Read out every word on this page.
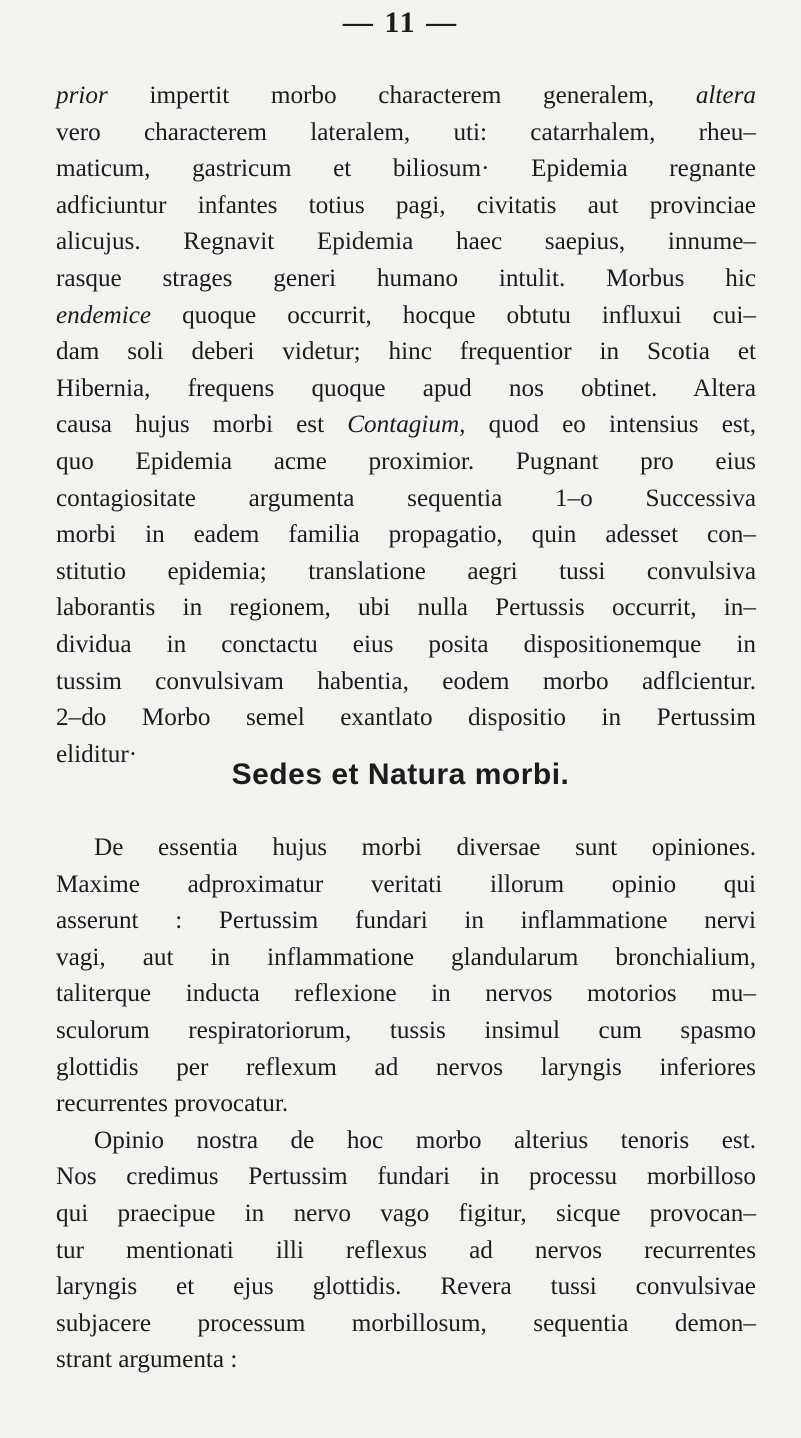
— 11 —
prior impertit morbo characterem generalem, altera
vero characterem lateralem, uti: catarrhalem, rheu–
maticum, gastricum et biliosum· Epidemia regnante
adficiuntur infantes totius pagi, civitatis aut provinciae
alicujus. Regnavit Epidemia haec saepius, innume–
rasque strages generi humano intulit. Morbus hic
endemice quoque occurrit, hocque obtutu influxui cui–
dam soli deberi videtur; hinc frequentior in Scotia et
Hibernia, frequens quoque apud nos obtinet. Altera
causa hujus morbi est Contagium, quod eo intensius est,
quo Epidemia acme proximior. Pugnant pro eius
contagiositate argumenta sequentia 1–o Successiva
morbi in eadem familia propagatio, quin adesset con–
stitutio epidemia; translatione aegri tussi convulsiva
laborantis in regionem, ubi nulla Pertussis occurrit, in–
dividua in conctactu eius posita dispositionemque in
tussim convulsivam habentia, eodem morbo adflcientur.
2–do Morbo semel exantlato dispositio in Pertussim
eliditur·
Sedes et Natura morbi.
De essentia hujus morbi diversae sunt opiniones.
Maxime adproximatur veritati illorum opinio qui
asserunt : Pertussim fundari in inflammatione nervi
vagi, aut in inflammatione glandularum bronchialium,
taliterque inducta reflexione in nervos motorios mu–
sculorum respiratoriorum, tussis insimul cum spasmo
glottidis per reflexum ad nervos laryngis inferiores
recurrentes provocatur.
Opinio nostra de hoc morbo alterius tenoris est.
Nos credimus Pertussim fundari in processu morbilloso
qui praecipue in nervo vago figitur, sicque provocan–
tur mentionati illi reflexus ad nervos recurrentes
laryngis et ejus glottidis. Revera tussi convulsivae
subjacere processum morbillosum, sequentia demon–
strant argumenta :
